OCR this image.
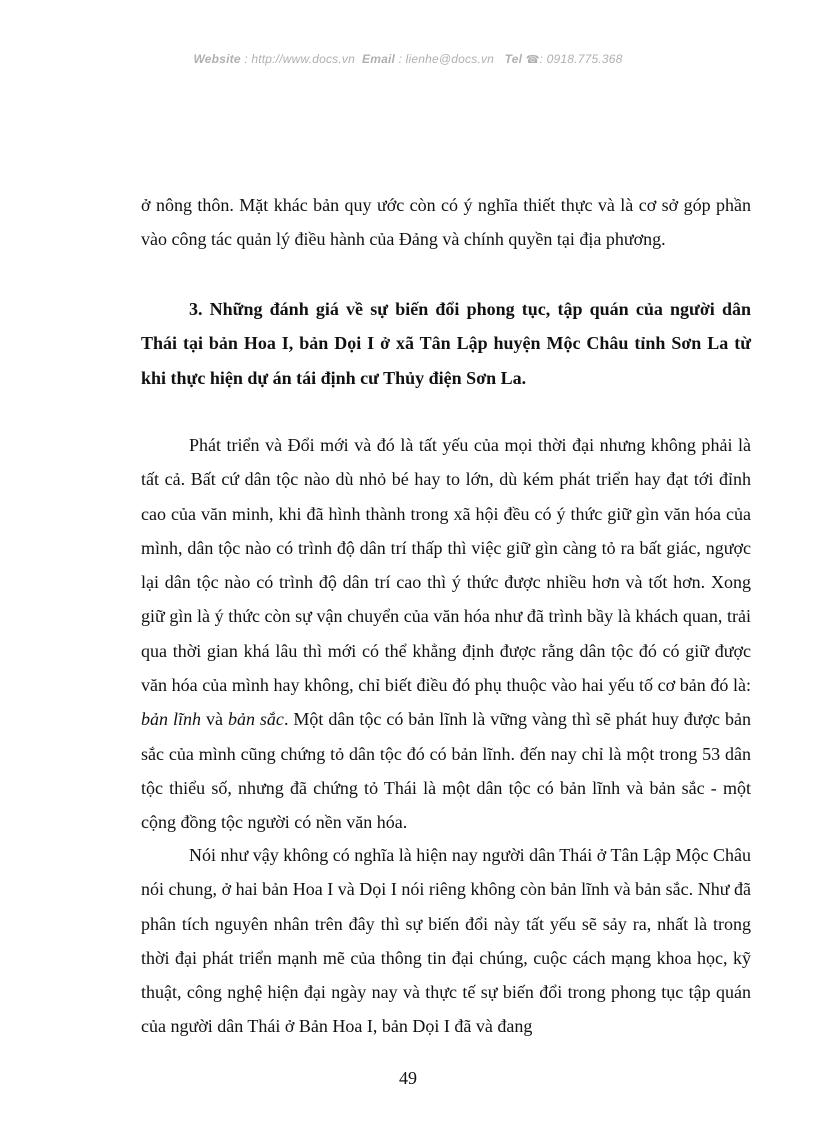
Website : http://www.docs.vn Email : lienhe@docs.vn Tel ☎: 0918.775.368

ở nông thôn. Mặt khác bản quy ước còn có ý nghĩa thiết thực và là cơ sở góp phần vào công tác quản lý điều hành của Đảng và chính quyền tại địa phương.

3. Những đánh giá về sự biến đổi phong tục, tập quán của người dân Thái tại bản Hoa I, bản Dọi I ở xã Tân Lập huyện Mộc Châu tỉnh Sơn La từ khi thực hiện dự án tái định cư Thủy điện Sơn La.

Phát triển và Đổi mới và đó là tất yếu của mọi thời đại nhưng không phải là tất cả. Bất cứ dân tộc nào dù nhỏ bé hay to lớn, dù kém phát triển hay đạt tới đỉnh cao của văn minh, khi đã hình thành trong xã hội đều có ý thức giữ gìn văn hóa của mình, dân tộc nào có trình độ dân trí thấp thì việc giữ gìn càng tỏ ra bất giác, ngược lại dân tộc nào có trình độ dân trí cao thì ý thức được nhiều hơn và tốt hơn. Xong giữ gìn là ý thức còn sự vận chuyển của văn hóa như đã trình bầy là khách quan, trải qua thời gian khá lâu thì mới có thể khẳng định được rằng dân tộc đó có giữ được văn hóa của mình hay không, chỉ biết điều đó phụ thuộc vào hai yếu tố cơ bản đó là: bản lĩnh và bản sắc. Một dân tộc có bản lĩnh là vững vàng thì sẽ phát huy được bản sắc của mình cũng chứng tỏ dân tộc đó có bản lĩnh. đến nay chỉ là một trong 53 dân tộc thiểu số, nhưng đã chứng tỏ Thái là một dân tộc có bản lĩnh và bản sắc - một cộng đồng tộc người có nền văn hóa.

Nói như vậy không có nghĩa là hiện nay người dân Thái ở Tân Lập Mộc Châu nói chung, ở hai bản Hoa I và Dọi I nói riêng không còn bản lĩnh và bản sắc. Như đã phân tích nguyên nhân trên đây thì sự biến đổi này tất yếu sẽ sảy ra, nhất là trong thời đại phát triển mạnh mẽ của thông tin đại chúng, cuộc cách mạng khoa học, kỹ thuật, công nghệ hiện đại ngày nay và thực tế sự biến đổi trong phong tục tập quán của người dân Thái ở Bản Hoa I, bản Dọi I đã và đang

49
